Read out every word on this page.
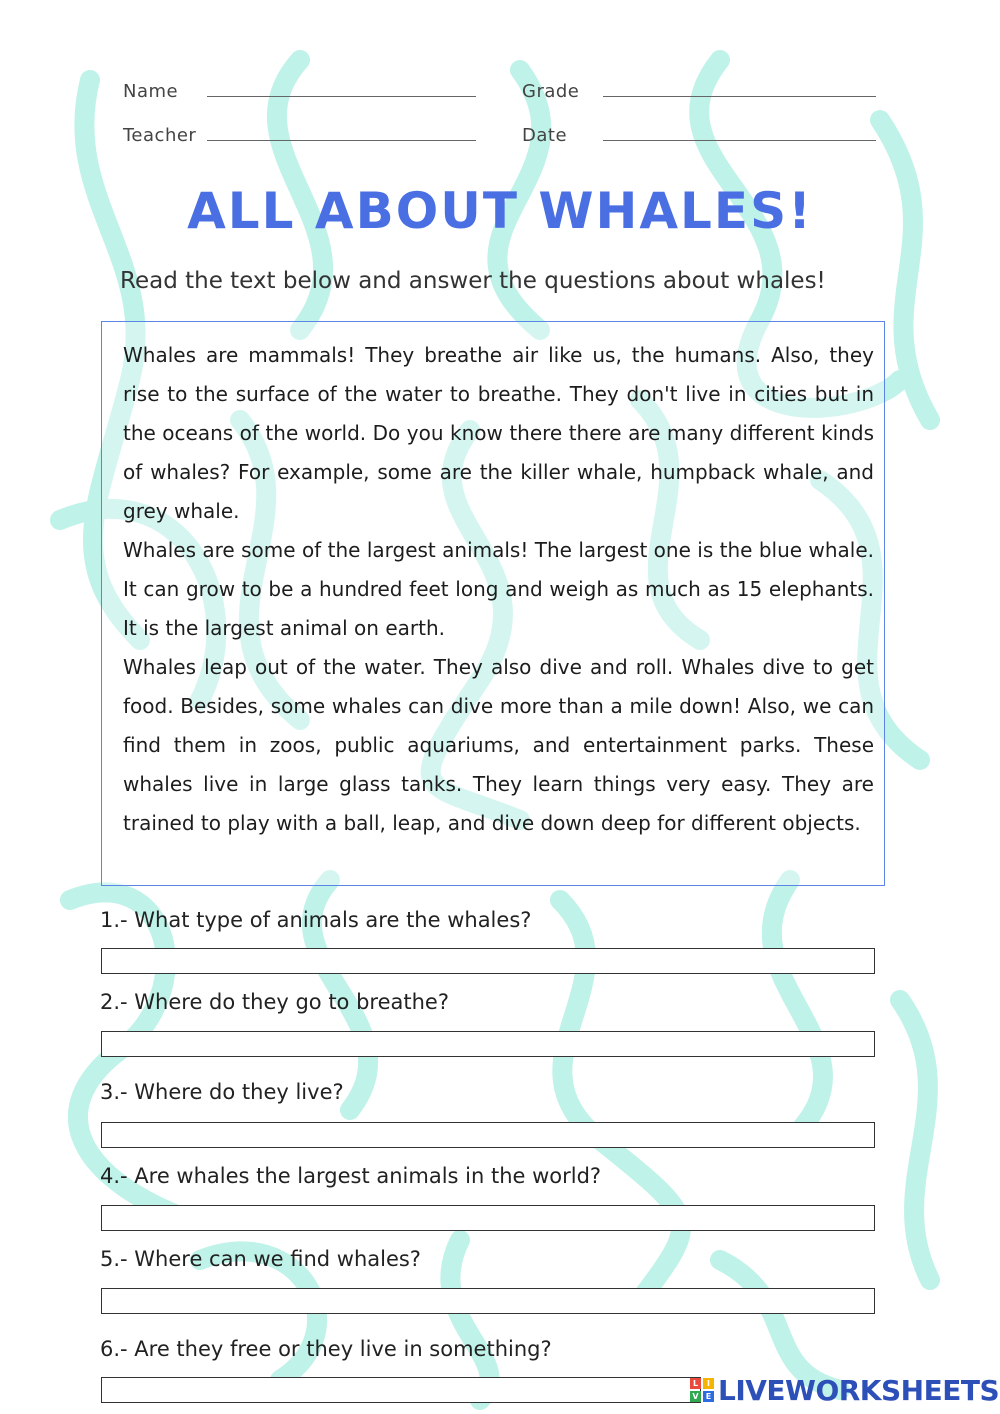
Name
Teacher
Grade
Date
ALL ABOUT WHALES!

Read the text below and answer the questions about whales!

Whales are mammals! They breathe air like us, the humans. Also, they rise to the surface of the water to breathe. They don't live in cities but in the oceans of the world. Do you know there there are many different kinds of whales? For example, some are the killer whale, humpback whale, and grey whale.

Whales are some of the largest animals! The largest one is the blue whale. It can grow to be a hundred feet long and weigh as much as 15 elephants. It is the largest animal on earth.

Whales leap out of the water. They also dive and roll. Whales dive to get food. Besides, some whales can dive more than a mile down! Also, we can find them in zoos, public aquariums, and entertainment parks. These whales live in large glass tanks. They learn things very easy. They are trained to play with a ball, leap, and dive down deep for different objects.

1.- What type of animals are the whales?

2.- Where do they go to breathe?

3.- Where do they live?

4.- Are whales the largest animals in the world?

5.- Where can we find whales?

6.- Are they free or they live in something?

L	I
V E LIVEWORKSHEETS
